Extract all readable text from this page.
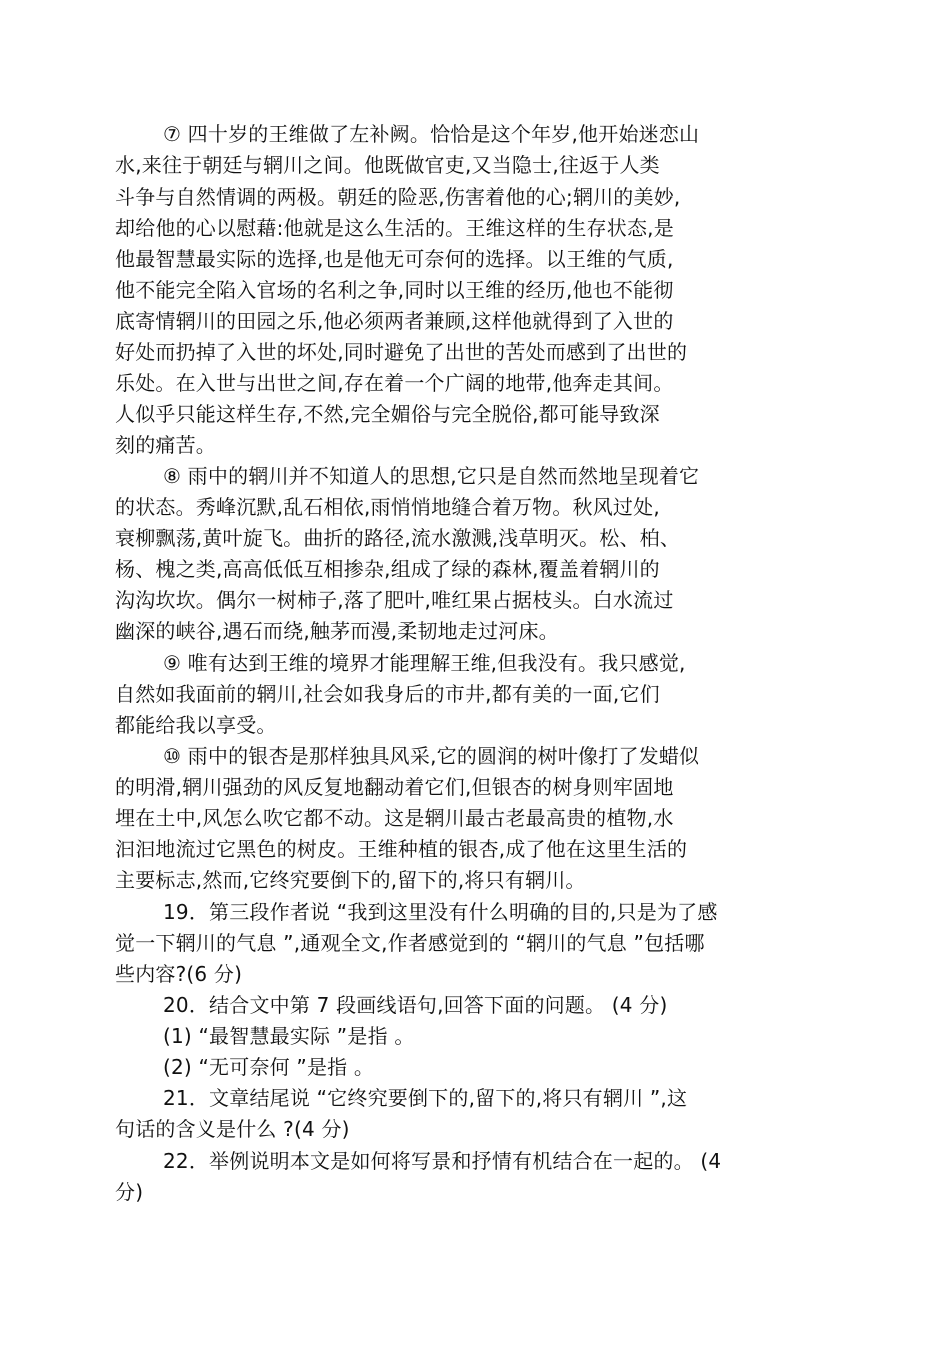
⑦ 四十岁的王维做了左补阙。恰恰是这个年岁,他开始迷恋山
水,来往于朝廷与辋川之间。他既做官吏,又当隐士,往返于人类
斗争与自然情调的两极。朝廷的险恶,伤害着他的心;辋川的美妙,
却给他的心以慰藉:他就是这么生活的。王维这样的生存状态,是
他最智慧最实际的选择,也是他无可奈何的选择。以王维的气质,
他不能完全陷入官场的名利之争,同时以王维的经历,他也不能彻
底寄情辋川的田园之乐,他必须两者兼顾,这样他就得到了入世的
好处而扔掉了入世的坏处,同时避免了出世的苦处而感到了出世的
乐处。在入世与出世之间,存在着一个广阔的地带,他奔走其间。
人似乎只能这样生存,不然,完全媚俗与完全脱俗,都可能导致深
刻的痛苦。
⑧ 雨中的辋川并不知道人的思想,它只是自然而然地呈现着它
的状态。秀峰沉默,乱石相依,雨悄悄地缝合着万物。秋风过处,
衰柳飘荡,黄叶旋飞。曲折的路径,流水激溅,浅草明灭。松、柏、
杨、槐之类,高高低低互相掺杂,组成了绿的森林,覆盖着辋川的
沟沟坎坎。偶尔一树柿子,落了肥叶,唯红果占据枝头。白水流过
幽深的峡谷,遇石而绕,触茅而漫,柔韧地走过河床。
⑨ 唯有达到王维的境界才能理解王维,但我没有。我只感觉,
自然如我面前的辋川,社会如我身后的市井,都有美的一面,它们
都能给我以享受。
⑩ 雨中的银杏是那样独具风采,它的圆润的树叶像打了发蜡似
的明滑,辋川强劲的风反复地翻动着它们,但银杏的树身则牢固地
埋在土中,风怎么吹它都不动。这是辋川最古老最高贵的植物,水
汩汩地流过它黑色的树皮。王维种植的银杏,成了他在这里生活的
主要标志,然而,它终究要倒下的,留下的,将只有辋川。
19．第三段作者说 “我到这里没有什么明确的目的,只是为了感
觉一下辋川的气息 ”,通观全文,作者感觉到的 “辋川的气息 ”包括哪
些内容?(6 分)
20．结合文中第 7 段画线语句,回答下面的问题。 (4 分)
(1) “最智慧最实际 ”是指 。
(2) “无可奈何 ”是指 。
21．文章结尾说 “它终究要倒下的,留下的,将只有辋川 ”,这
句话的含义是什么 ?(4 分)
22．举例说明本文是如何将写景和抒情有机结合在一起的。 (4
分)
